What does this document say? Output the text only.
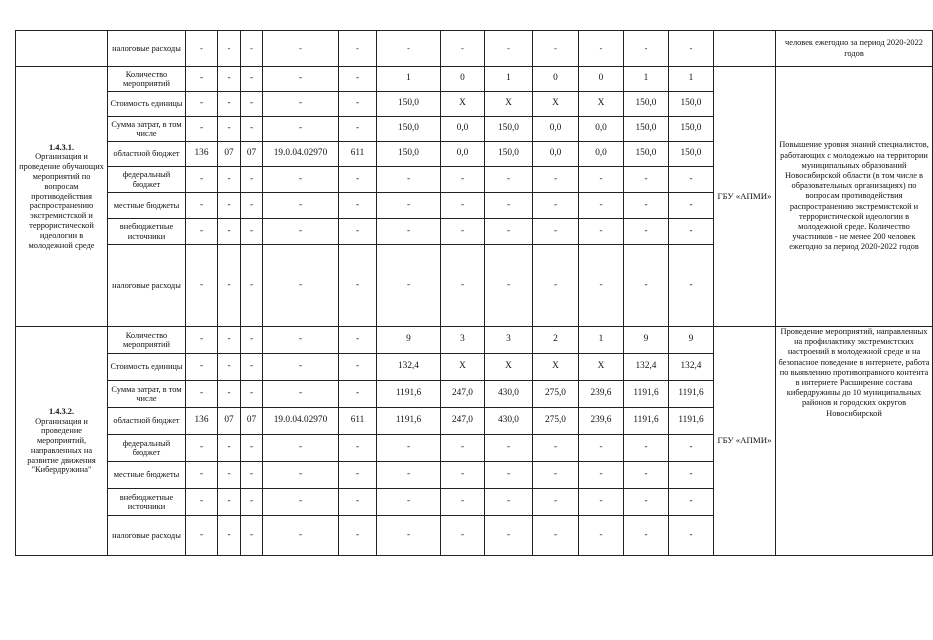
	налоговые расходы	-	-	-	-	-	-	-	-	-	-	-	-		человек ежегодно за период 2020-2022 годов

1.4.3.1.
Организация и проведение обучающих мероприятий по вопросам противодействия распространению экстремистской и террористической идеологии в молодежной среде	Количество мероприятий	-	-	-	-	-	1	0	1	0	0	1	1	ГБУ «АПМИ»	Повышение уровня знаний специалистов, работающих с молодежью на территории муниципальных образований Новосибирской области (в том числе в образовательных организациях) по вопросам противодействия распространению экстремистской и террористической идеологии в молодежной среде. Количество участников - не менее 200 человек ежегодно за период 2020-2022 годов
	Стоимость единицы	-	-	-	-	-	150,0	X	X	X	X	150,0	150,0		
	Сумма затрат, в том числе	-	-	-	-	-	150,0	0,0	150,0	0,0	0,0	150,0	150,0		
	областной бюджет	136	07	07	19.0.04.02970	611	150,0	0,0	150,0	0,0	0,0	150,0	150,0		
	федеральный бюджет	-	-	-	-	-	-	-	-	-	-	-	-		
	местные бюджеты	-	-	-	-	-	-	-	-	-	-	-	-		
	внебюджетные источники	-	-	-	-	-	-	-	-	-	-	-	-		
	налоговые расходы	-	-	-	-	-	-	-	-	-	-	-	-		

1.4.3.2.
Организация и проведение мероприятий, направленных на развитие движения "Кибердружина"	Количество мероприятий	-	-	-	-	-	9	3	3	2	1	9	9	ГБУ «АПМИ»	Проведение мероприятий, направленных на профилактику экстремистских настроений в молодежной среде и на безопасное поведение в интернете, работа по выявлению противоправного контента в интернете Расширение состава кибердружины до 10 муниципальных районов и городских округов Новосибирской
	Стоимость единицы	-	-	-	-	-	132,4	X	X	X	X	132,4	132,4		
	Сумма затрат, в том числе	-	-	-	-	-	1191,6	247,0	430,0	275,0	239,6	1191,6	1191,6		
	областной бюджет	136	07	07	19.0.04.02970	611	1191,6	247,0	430,0	275,0	239,6	1191,6	1191,6		
	федеральный бюджет	-	-	-	-	-	-	-	-	-	-	-	-		
	местные бюджеты	-	-	-	-	-	-	-	-	-	-	-	-		
	внебюджетные источники	-	-	-	-	-	-	-	-	-	-	-	-		
	налоговые расходы	-	-	-	-	-	-	-	-	-	-	-	-		
